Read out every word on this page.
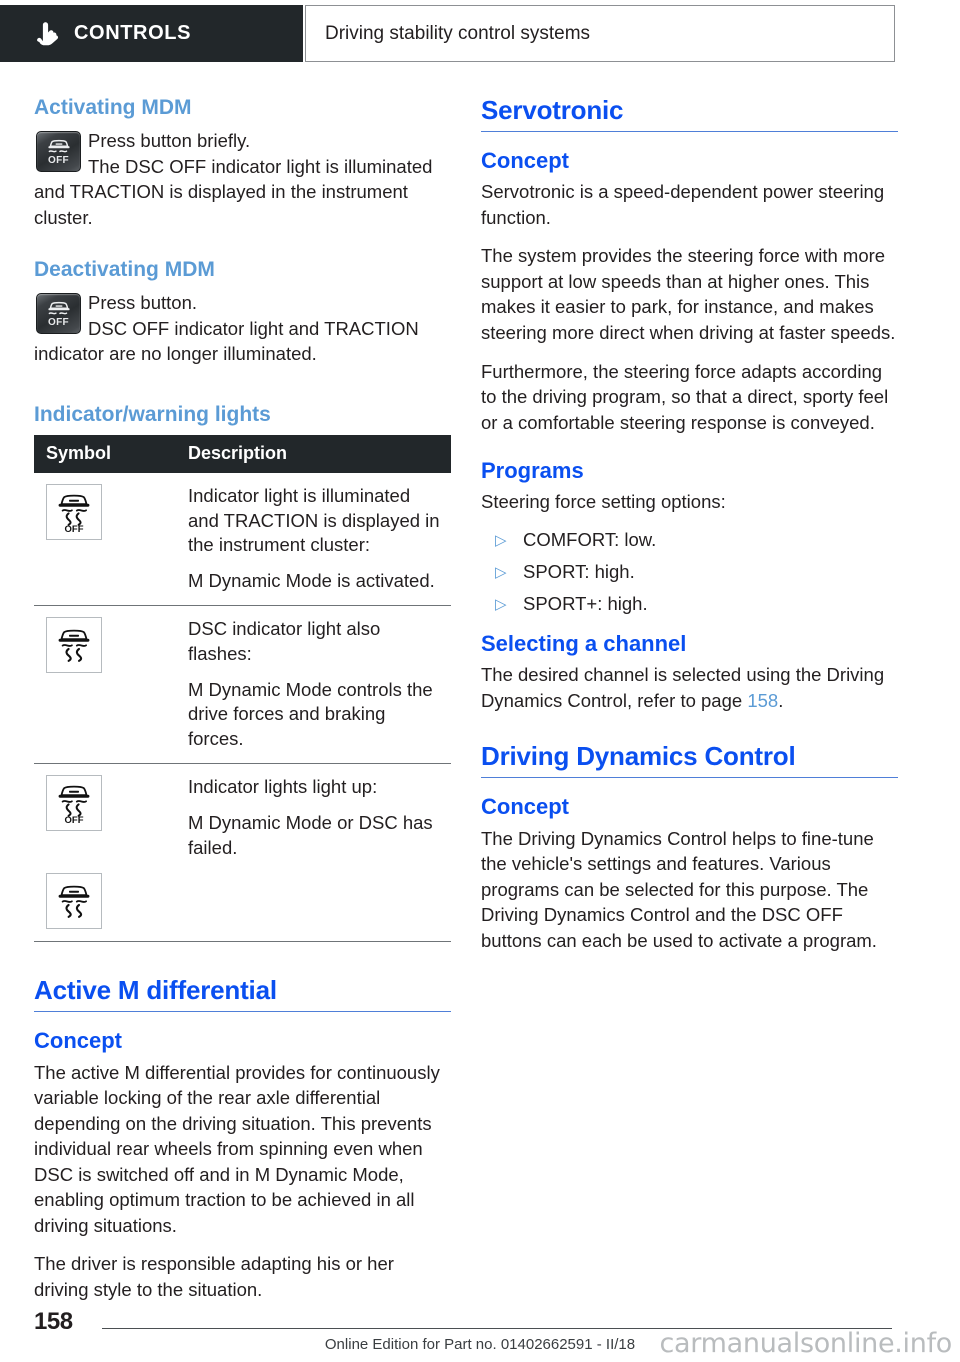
CONTROLS	Driving stability control systems
Activating MDM
OFF
Press button briefly.
The DSC OFF indicator light is illuminated
and TRACTION is displayed in the instrument
cluster.
Deactivating MDM
OFF
Press button.
DSC OFF indicator light and TRACTION
indicator are no longer illuminated.
Indicator/warning lights
Symbol	Description

OFF	Indicator light is illuminated and TRACTION is displayed in the instrument cluster:

M Dynamic Mode is activated.

DSC indicator light also flashes:

M Dynamic Mode controls the drive forces and braking forces.

OFF	Indicator lights light up:

M Dynamic Mode or DSC has failed.

Active M differential
Concept

The active M differential provides for continuously variable locking of the rear axle differential depending on the driving situation. This prevents individual rear wheels from spinning even when DSC is switched off and in M Dynamic Mode, enabling optimum traction to be achieved in all driving situations.

The driver is responsible adapting his or her driving style to the situation.

Servotronic
Concept

Servotronic is a speed-dependent power steering function.

The system provides the steering force with more support at low speeds than at higher ones. This makes it easier to park, for instance, and makes steering more direct when driving at faster speeds.

Furthermore, the steering force adapts according to the driving program, so that a direct, sporty feel or a comfortable steering response is conveyed.

Programs

Steering force setting options:

▷ COMFORT: low.
▷ SPORT: high.
▷ SPORT+: high.
Selecting a channel

The desired channel is selected using the Driving Dynamics Control, refer to page 158.

Driving Dynamics Control
Concept

The Driving Dynamics Control helps to fine-tune the vehicle's settings and features. Various programs can be selected for this purpose. The Driving Dynamics Control and the DSC OFF buttons can each be used to activate a program.

158
Online Edition for Part no. 01402662591 - II/18 carmanualsonline.info
